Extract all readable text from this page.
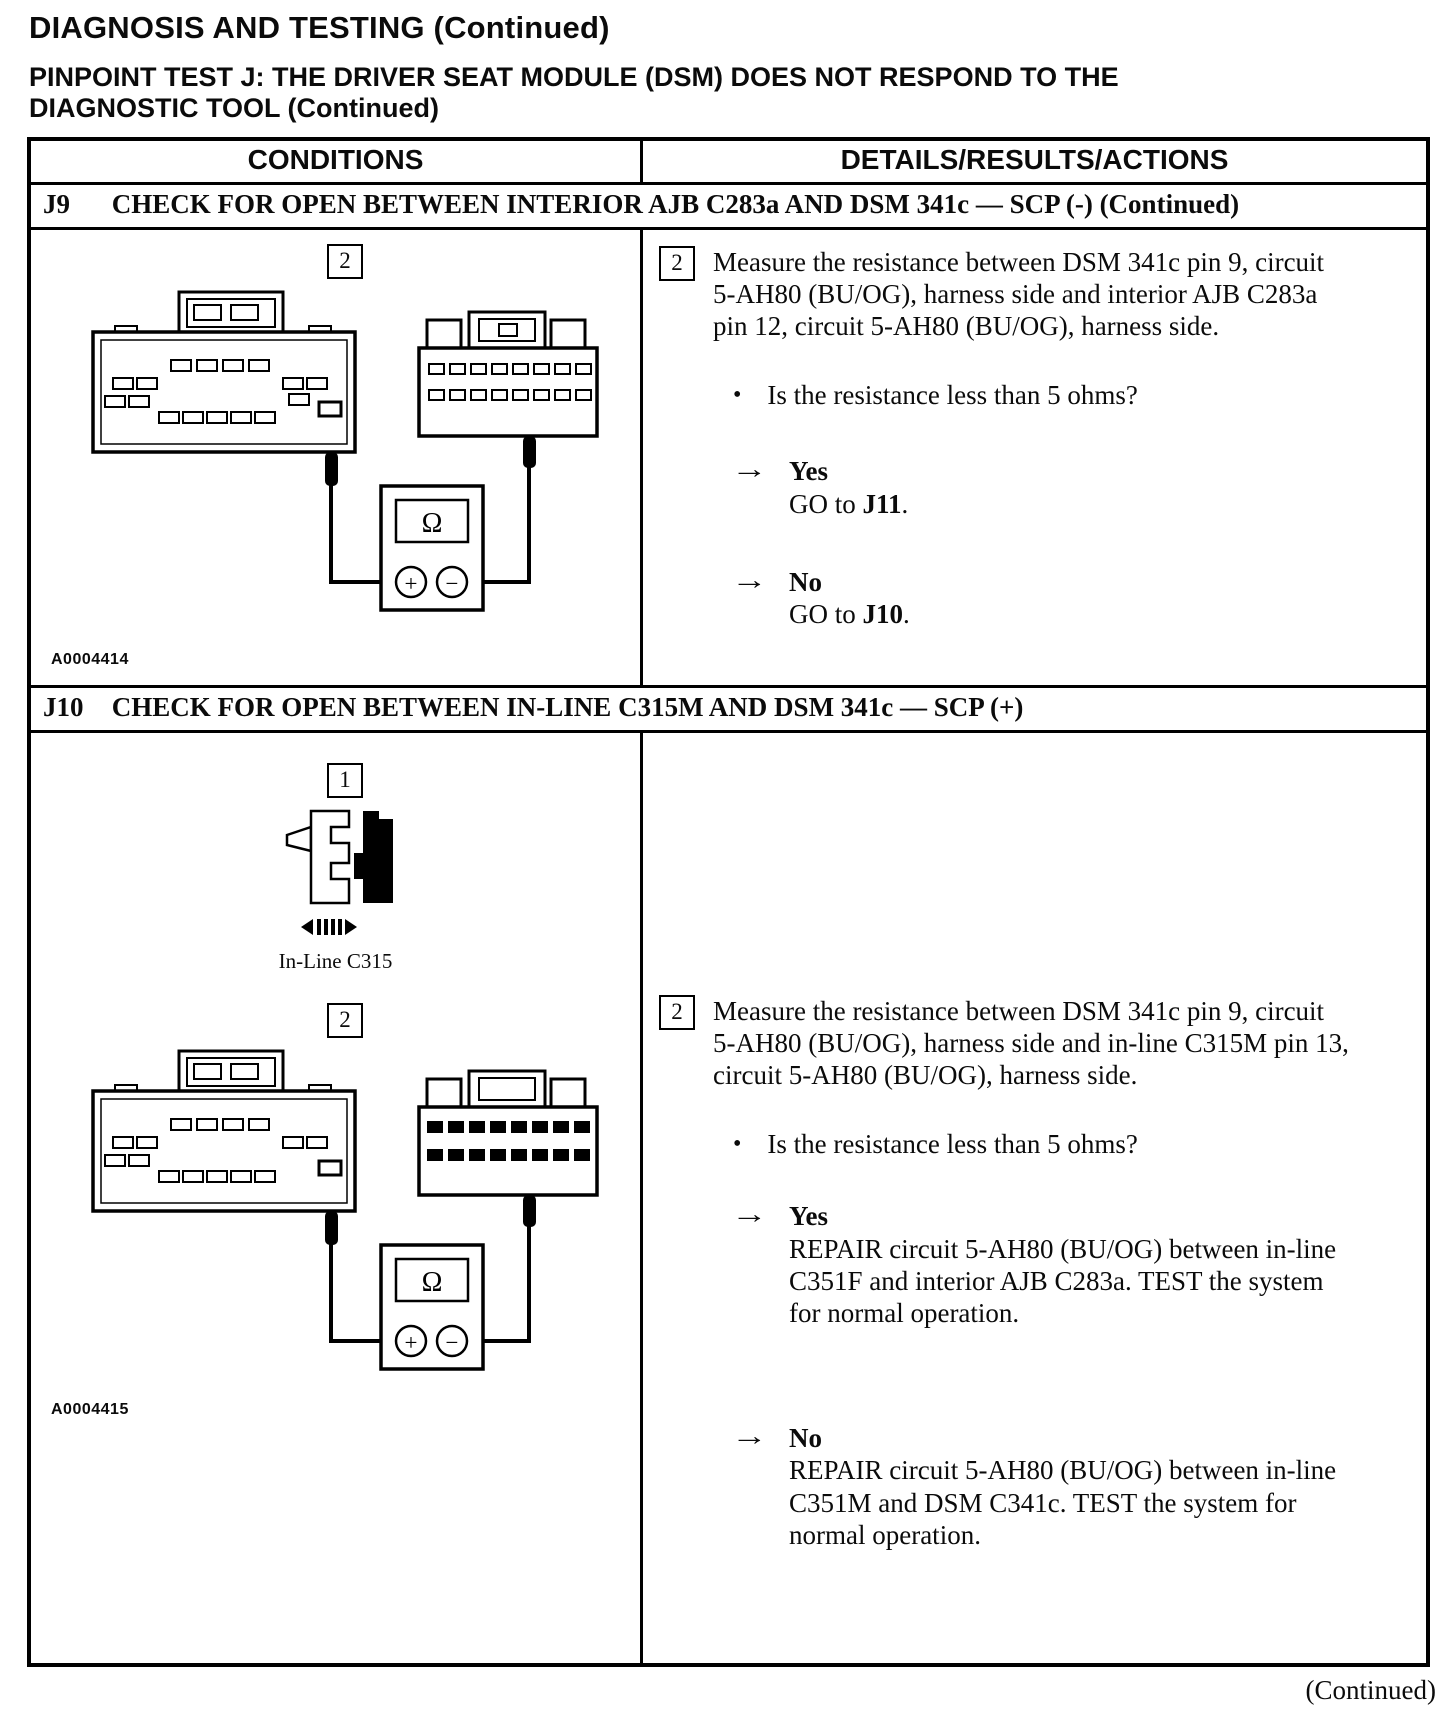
DIAGNOSIS AND TESTING (Continued)
PINPOINT TEST J: THE DRIVER SEAT MODULE (DSM) DOES NOT RESPOND TO THE DIAGNOSTIC TOOL (Continued)
CONDITIONS	DETAILS/RESULTS/ACTIONS
J9 CHECK FOR OPEN BETWEEN INTERIOR AJB C283a AND DSM 341c — SCP (-) (Continued)
2
Ω
+ −
A0004414
2	Measure the resistance between DSM 341c pin 9, circuit 5-AH80 (BU/OG), harness side and interior AJB C283a pin 12, circuit 5-AH80 (BU/OG), harness side.

• Is the resistance less than 5 ohms?
→ Yes
GO to J11.
→ No
GO to J10.
J10 CHECK FOR OPEN BETWEEN IN-LINE C315M AND DSM 341c — SCP (+)
1
In-Line C315
2
Ω
+ −
A0004415
2	Measure the resistance between DSM 341c pin 9, circuit 5-AH80 (BU/OG), harness side and in-line C315M pin 13, circuit 5-AH80 (BU/OG), harness side.

• Is the resistance less than 5 ohms?
→ Yes
REPAIR circuit 5-AH80 (BU/OG) between in-line C351F and interior AJB C283a. TEST the system for normal operation.
→ No
REPAIR circuit 5-AH80 (BU/OG) between in-line C351M and DSM C341c. TEST the system for normal operation.
(Continued)
